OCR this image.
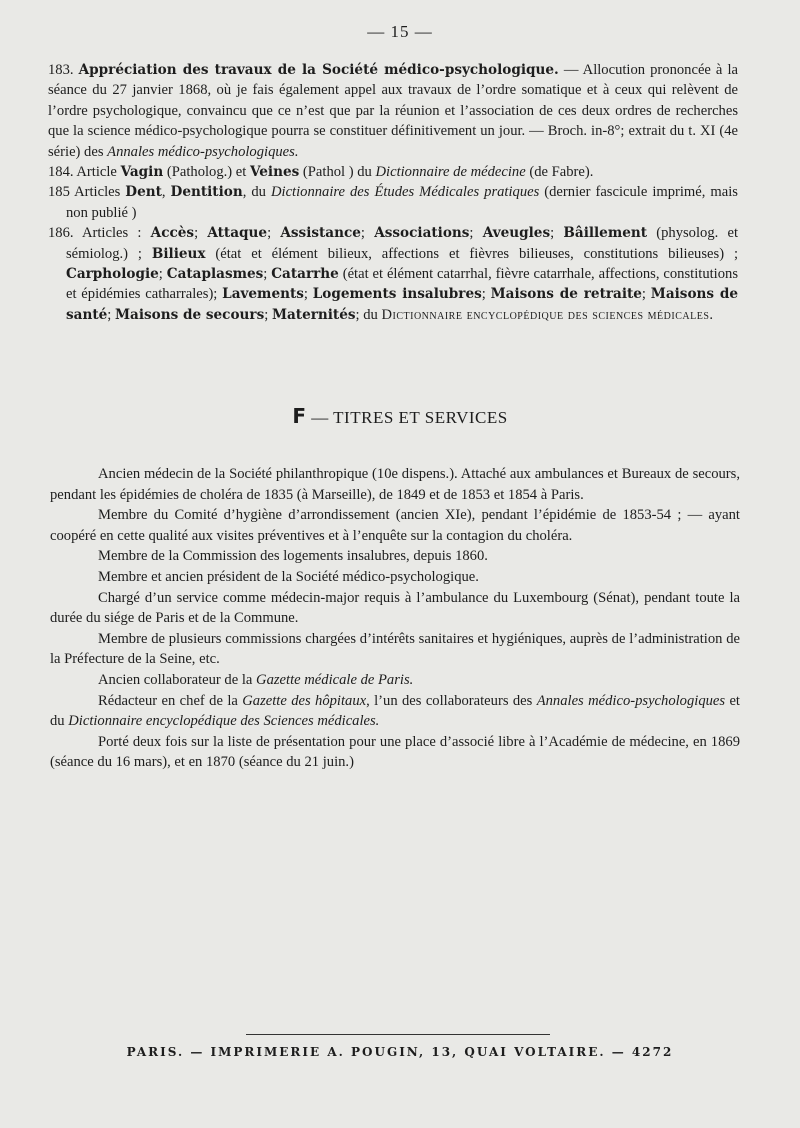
— 15 —

183. Appréciation des travaux de la Société médico-psychologique. — Allocution prononcée à la séance du 27 janvier 1868, où je fais également appel aux travaux de l’ordre somatique et à ceux qui relèvent de l’ordre psychologique, convaincu que ce n’est que par la réunion et l’association de ces deux ordres de recherches que la science médico-psychologique pourra se constituer définitivement un jour. — Broch. in-8°; extrait du t. XI (4e série) des Annales médico-psychologiques.

184. Article Vagin (Patholog.) et Veines (Pathol ) du Dictionnaire de médecine (de Fabre).

185 Articles Dent, Dentition, du Dictionnaire des Études Médicales pratiques (dernier fascicule imprimé, mais non publié )

186. Articles : Accès; Attaque; Assistance; Associations; Aveugles; Bâillement (physolog. et sémiolog.) ; Bilieux (état et élément bilieux, affections et fièvres bilieuses, constitutions bilieuses) ; Carphologie; Cataplasmes; Catarrhe (état et élément catarrhal, fièvre catarrhale, affections, constitutions et épidémies catharrales); Lavements; Logements insalubres; Maisons de retraite; Maisons de santé; Maisons de secours; Maternités; du Dictionnaire encyclopédique des sciences médicales.

F — TITRES ET SERVICES

Ancien médecin de la Société philanthropique (10e dispens.). Attaché aux ambulances et Bureaux de secours, pendant les épidémies de choléra de 1835 (à Marseille), de 1849 et de 1853 et 1854 à Paris.

Membre du Comité d’hygiène d’arrondissement (ancien XIe), pendant l’épidémie de 1853-54 ; — ayant coopéré en cette qualité aux visites préventives et à l’enquête sur la contagion du choléra.

Membre de la Commission des logements insalubres, depuis 1860.

Membre et ancien président de la Société médico-psychologique.

Chargé d’un service comme médecin-major requis à l’ambulance du Luxembourg (Sénat), pendant toute la durée du siége de Paris et de la Commune.

Membre de plusieurs commissions chargées d’intérêts sanitaires et hygiéniques, auprès de l’administration de la Préfecture de la Seine, etc.

Ancien collaborateur de la Gazette médicale de Paris.

Rédacteur en chef de la Gazette des hôpitaux, l’un des collaborateurs des Annales médico-psychologiques et du Dictionnaire encyclopédique des Sciences médicales.

Porté deux fois sur la liste de présentation pour une place d’associé libre à l’Académie de médecine, en 1869 (séance du 16 mars), et en 1870 (séance du 21 juin.)

PARIS. — IMPRIMERIE A. POUGIN, 13, QUAI VOLTAIRE. — 4272
